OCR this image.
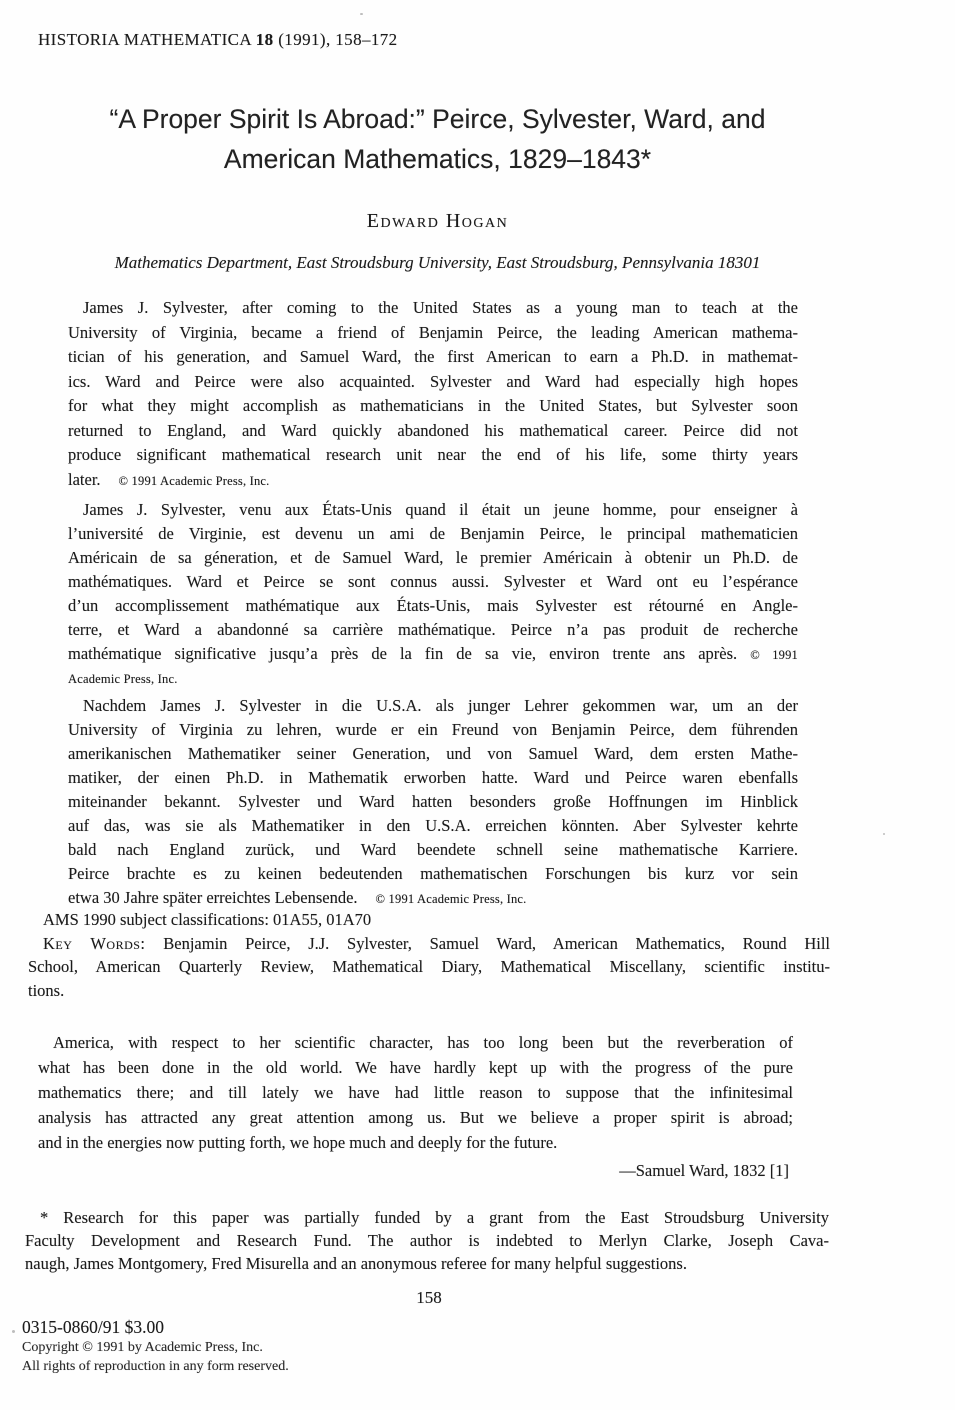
HISTORIA MATHEMATICA 18 (1991), 158–172
“A Proper Spirit Is Abroad:” Peirce, Sylvester, Ward, and
American Mathematics, 1829–1843*
Edward Hogan
Mathematics Department, East Stroudsburg University, East Stroudsburg, Pennsylvania 18301
James J. Sylvester, after coming to the United States as a young man to teach at the
University of Virginia, became a friend of Benjamin Peirce, the leading American mathema-
tician of his generation, and Samuel Ward, the first American to earn a Ph.D. in mathemat-
ics. Ward and Peirce were also acquainted. Sylvester and Ward had especially high hopes
for what they might accomplish as mathematicians in the United States, but Sylvester soon
returned to England, and Ward quickly abandoned his mathematical career. Peirce did not
produce significant mathematical research unit near the end of his life, some thirty years
later. © 1991 Academic Press, Inc.
James J. Sylvester, venu aux États-Unis quand il était un jeune homme, pour enseigner à
l’université de Virginie, est devenu un ami de Benjamin Peirce, le principal mathematicien
Américain de sa géneration, et de Samuel Ward, le premier Américain à obtenir un Ph.D. de
mathématiques. Ward et Peirce se sont connus aussi. Sylvester et Ward ont eu l’espérance
d’un accomplissement mathématique aux États-Unis, mais Sylvester est rétourné en Angle-
terre, et Ward a abandonné sa carrière mathématique. Peirce n’a pas produit de recherche
mathématique significative jusqu’a près de la fin de sa vie, environ trente ans après. © 1991
Academic Press, Inc.
Nachdem James J. Sylvester in die U.S.A. als junger Lehrer gekommen war, um an der
University of Virginia zu lehren, wurde er ein Freund von Benjamin Peirce, dem führenden
amerikanischen Mathematiker seiner Generation, und von Samuel Ward, dem ersten Mathe-
matiker, der einen Ph.D. in Mathematik erworben hatte. Ward und Peirce waren ebenfalls
miteinander bekannt. Sylvester und Ward hatten besonders große Hoffnungen im Hinblick
auf das, was sie als Mathematiker in den U.S.A. erreichen könnten. Aber Sylvester kehrte
bald nach England zurück, und Ward beendete schnell seine mathematische Karriere.
Peirce brachte es zu keinen bedeutenden mathematischen Forschungen bis kurz vor sein
etwa 30 Jahre später erreichtes Lebensende. © 1991 Academic Press, Inc.
AMS 1990 subject classifications: 01A55, 01A70
Key Words: Benjamin Peirce, J.J. Sylvester, Samuel Ward, American Mathematics, Round Hill
School, American Quarterly Review, Mathematical Diary, Mathematical Miscellany, scientific institu-
tions.
America, with respect to her scientific character, has too long been but the reverberation of
what has been done in the old world. We have hardly kept up with the progress of the pure
mathematics there; and till lately we have had little reason to suppose that the infinitesimal
analysis has attracted any great attention among us. But we believe a proper spirit is abroad;
and in the energies now putting forth, we hope much and deeply for the future.
—Samuel Ward, 1832 [1]
* Research for this paper was partially funded by a grant from the East Stroudsburg University
Faculty Development and Research Fund. The author is indebted to Merlyn Clarke, Joseph Cava-
naugh, James Montgomery, Fred Misurella and an anonymous referee for many helpful suggestions.
158
0315-0860/91 $3.00
Copyright © 1991 by Academic Press, Inc.
All rights of reproduction in any form reserved.
